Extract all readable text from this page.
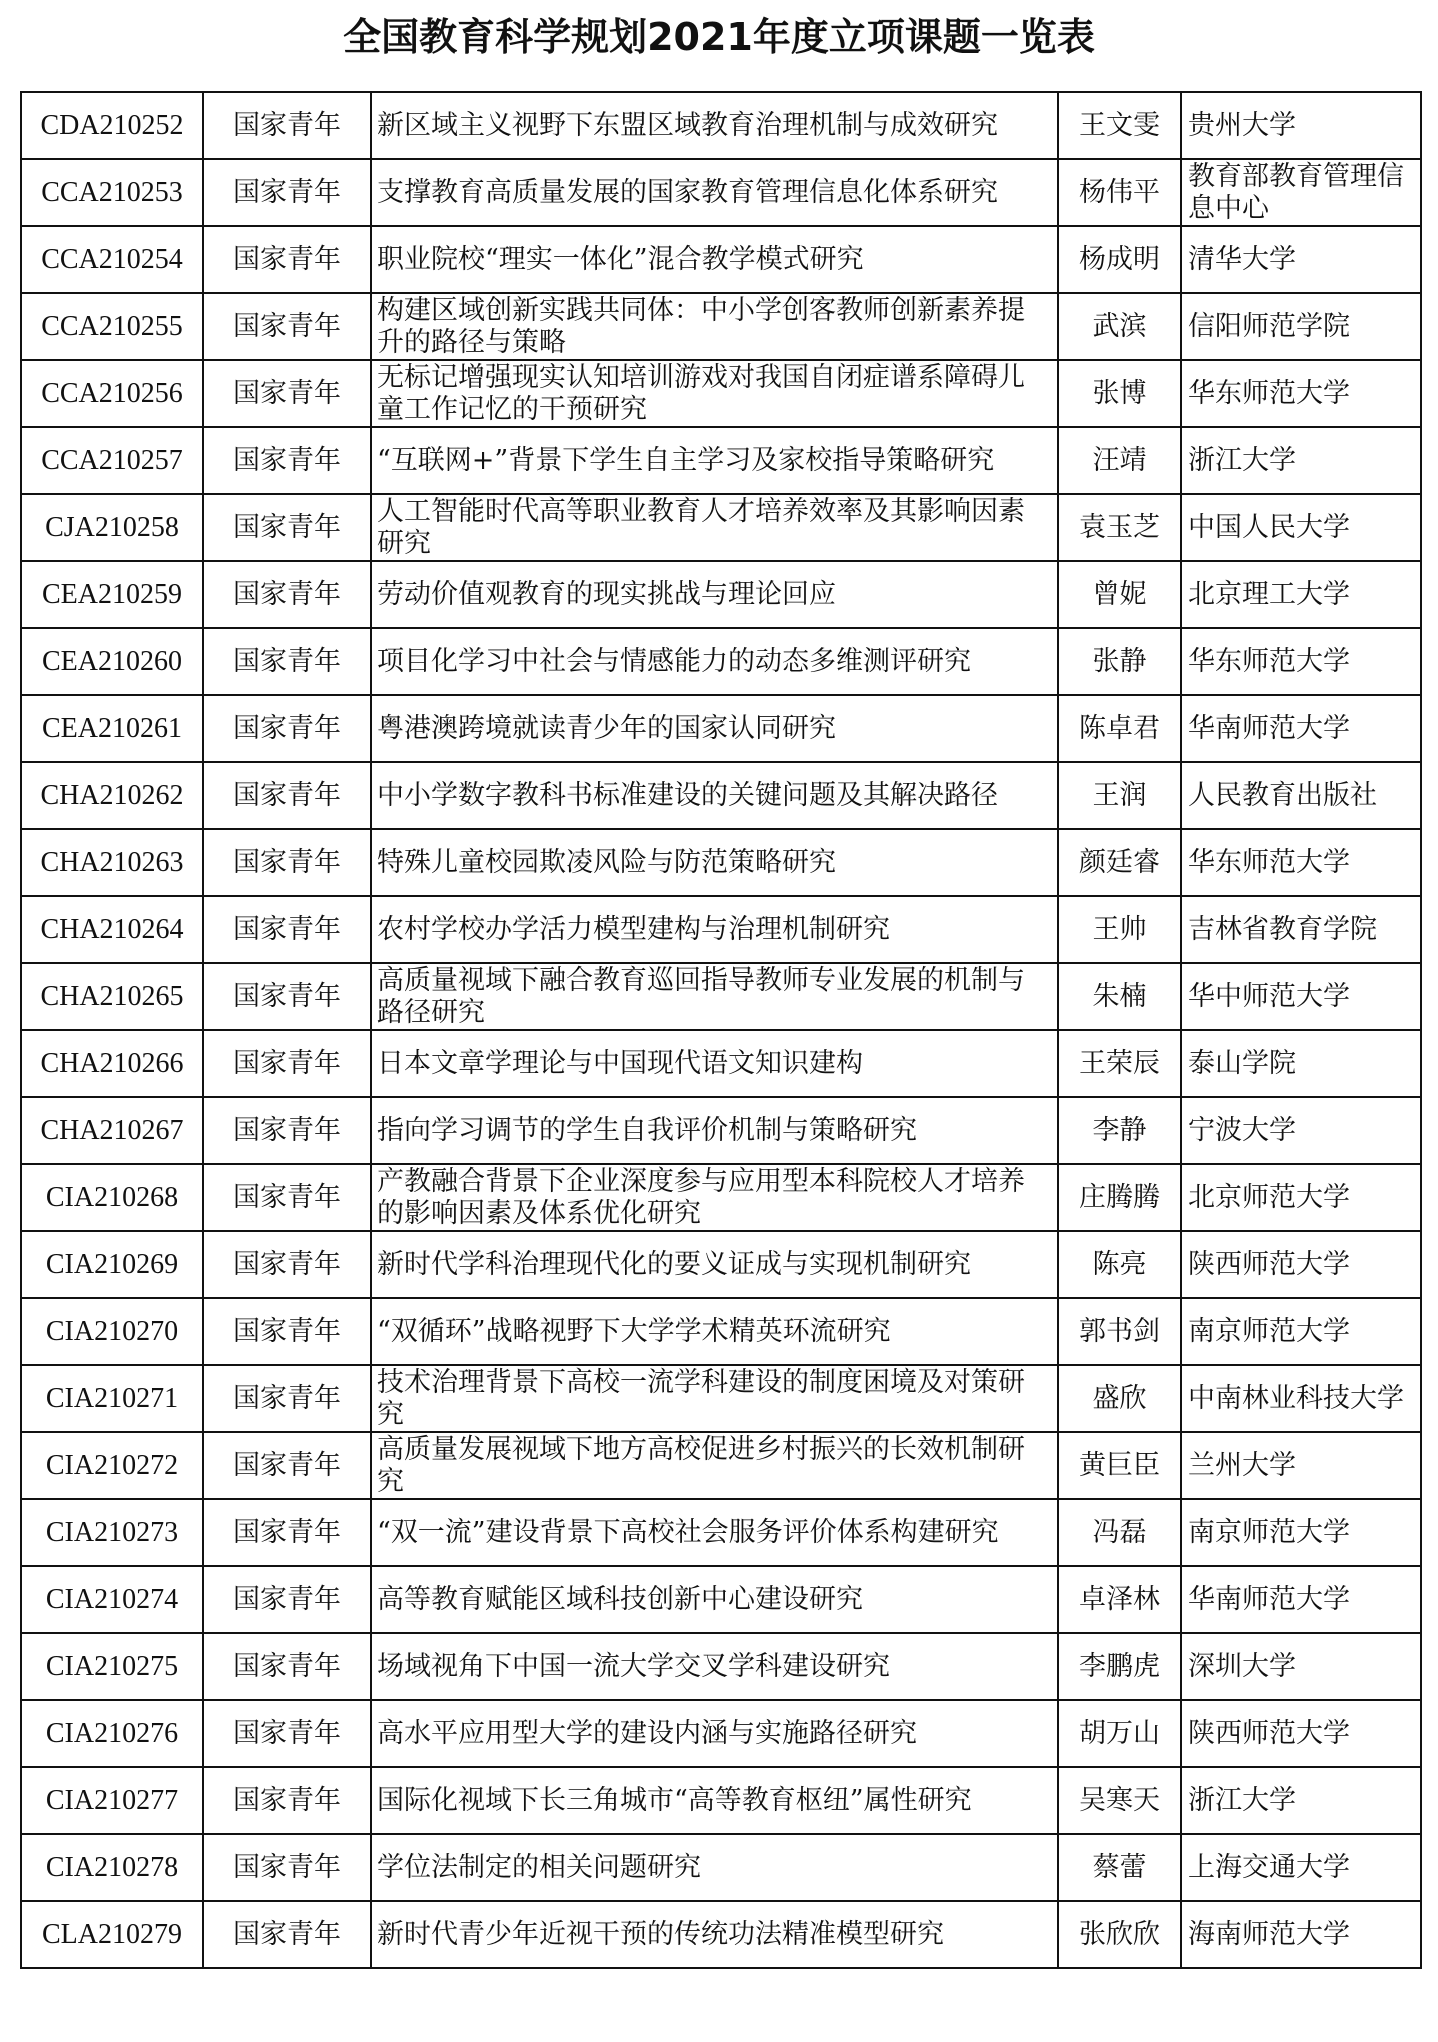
全国教育科学规划2021年度立项课题一览表
CDA210252	国家青年	新区域主义视野下东盟区域教育治理机制与成效研究	王文雯	贵州大学

CCA210253	国家青年	支撑教育高质量发展的国家教育管理信息化体系研究	杨伟平	教育部教育管理信息中心

CCA210254	国家青年	职业院校“理实一体化”混合教学模式研究	杨成明	清华大学

CCA210255	国家青年	构建区域创新实践共同体：中小学创客教师创新素养提升的路径与策略	武滨	信阳师范学院

CCA210256	国家青年	无标记增强现实认知培训游戏对我国自闭症谱系障碍儿童工作记忆的干预研究	张博	华东师范大学

CCA210257	国家青年	“互联网+”背景下学生自主学习及家校指导策略研究	汪靖	浙江大学

CJA210258	国家青年	人工智能时代高等职业教育人才培养效率及其影响因素研究	袁玉芝	中国人民大学

CEA210259	国家青年	劳动价值观教育的现实挑战与理论回应	曾妮	北京理工大学

CEA210260	国家青年	项目化学习中社会与情感能力的动态多维测评研究	张静	华东师范大学

CEA210261	国家青年	粤港澳跨境就读青少年的国家认同研究	陈卓君	华南师范大学

CHA210262	国家青年	中小学数字教科书标准建设的关键问题及其解决路径	王润	人民教育出版社

CHA210263	国家青年	特殊儿童校园欺凌风险与防范策略研究	颜廷睿	华东师范大学

CHA210264	国家青年	农村学校办学活力模型建构与治理机制研究	王帅	吉林省教育学院

CHA210265	国家青年	高质量视域下融合教育巡回指导教师专业发展的机制与路径研究	朱楠	华中师范大学

CHA210266	国家青年	日本文章学理论与中国现代语文知识建构	王荣辰	泰山学院

CHA210267	国家青年	指向学习调节的学生自我评价机制与策略研究	李静	宁波大学

CIA210268	国家青年	产教融合背景下企业深度参与应用型本科院校人才培养的影响因素及体系优化研究	庄腾腾	北京师范大学

CIA210269	国家青年	新时代学科治理现代化的要义证成与实现机制研究	陈亮	陕西师范大学

CIA210270	国家青年	“双循环”战略视野下大学学术精英环流研究	郭书剑	南京师范大学

CIA210271	国家青年	技术治理背景下高校一流学科建设的制度困境及对策研究	盛欣	中南林业科技大学

CIA210272	国家青年	高质量发展视域下地方高校促进乡村振兴的长效机制研究	黄巨臣	兰州大学

CIA210273	国家青年	“双一流”建设背景下高校社会服务评价体系构建研究	冯磊	南京师范大学

CIA210274	国家青年	高等教育赋能区域科技创新中心建设研究	卓泽林	华南师范大学

CIA210275	国家青年	场域视角下中国一流大学交叉学科建设研究	李鹏虎	深圳大学

CIA210276	国家青年	高水平应用型大学的建设内涵与实施路径研究	胡万山	陕西师范大学

CIA210277	国家青年	国际化视域下长三角城市“高等教育枢纽”属性研究	吴寒天	浙江大学

CIA210278	国家青年	学位法制定的相关问题研究	蔡蕾	上海交通大学

CLA210279	国家青年	新时代青少年近视干预的传统功法精准模型研究	张欣欣	海南师范大学
